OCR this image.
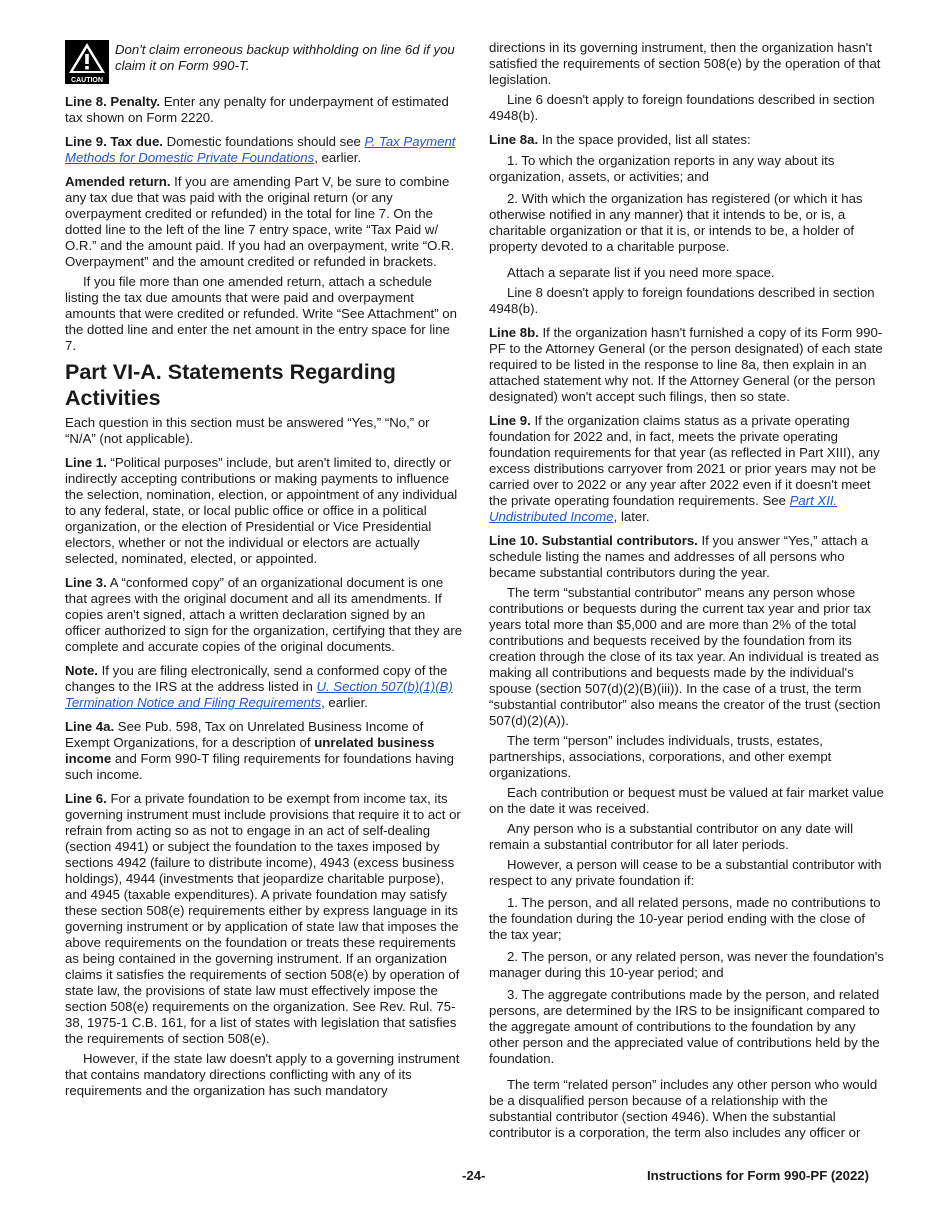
CAUTION
Don't claim erroneous backup withholding on line 6d if you claim it on Form 990-T.

Line 8. Penalty. Enter any penalty for underpayment of estimated tax shown on Form 2220.

Line 9. Tax due. Domestic foundations should see P. Tax Payment Methods for Domestic Private Foundations, earlier.

Amended return. If you are amending Part V, be sure to combine any tax due that was paid with the original return (or any overpayment credited or refunded) in the total for line 7. On the dotted line to the left of the line 7 entry space, write “Tax Paid w/ O.R.” and the amount paid. If you had an overpayment, write “O.R. Overpayment” and the amount credited or refunded in brackets.

If you file more than one amended return, attach a schedule listing the tax due amounts that were paid and overpayment amounts that were credited or refunded. Write “See Attachment” on the dotted line and enter the net amount in the entry space for line 7.

Part VI-A. Statements Regarding Activities

Each question in this section must be answered “Yes,” “No,” or “N/A” (not applicable).

Line 1. “Political purposes” include, but aren't limited to, directly or indirectly accepting contributions or making payments to influence the selection, nomination, election, or appointment of any individual to any federal, state, or local public office or office in a political organization, or the election of Presidential or Vice Presidential electors, whether or not the individual or electors are actually selected, nominated, elected, or appointed.

Line 3. A “conformed copy” of an organizational document is one that agrees with the original document and all its amendments. If copies aren't signed, attach a written declaration signed by an officer authorized to sign for the organization, certifying that they are complete and accurate copies of the original documents.

Note. If you are filing electronically, send a conformed copy of the changes to the IRS at the address listed in U. Section 507(b)(1)(B) Termination Notice and Filing Requirements, earlier.

Line 4a. See Pub. 598, Tax on Unrelated Business Income of Exempt Organizations, for a description of unrelated business income and Form 990-T filing requirements for foundations having such income.

Line 6. For a private foundation to be exempt from income tax, its governing instrument must include provisions that require it to act or refrain from acting so as not to engage in an act of self-dealing (section 4941) or subject the foundation to the taxes imposed by sections 4942 (failure to distribute income), 4943 (excess business holdings), 4944 (investments that jeopardize charitable purpose), and 4945 (taxable expenditures). A private foundation may satisfy these section 508(e) requirements either by express language in its governing instrument or by application of state law that imposes the above requirements on the foundation or treats these requirements as being contained in the governing instrument. If an organization claims it satisfies the requirements of section 508(e) by operation of state law, the provisions of state law must effectively impose the section 508(e) requirements on the organization. See Rev. Rul. 75-38, 1975-1 C.B. 161, for a list of states with legislation that satisfies the requirements of section 508(e).

However, if the state law doesn't apply to a governing instrument that contains mandatory directions conflicting with any of its requirements and the organization has such mandatory

directions in its governing instrument, then the organization hasn't satisfied the requirements of section 508(e) by the operation of that legislation.

Line 6 doesn't apply to foreign foundations described in section 4948(b).

Line 8a. In the space provided, list all states:

1. To which the organization reports in any way about its organization, assets, or activities; and

2. With which the organization has registered (or which it has otherwise notified in any manner) that it intends to be, or is, a charitable organization or that it is, or intends to be, a holder of property devoted to a charitable purpose.

Attach a separate list if you need more space.

Line 8 doesn't apply to foreign foundations described in section 4948(b).

Line 8b. If the organization hasn't furnished a copy of its Form 990-PF to the Attorney General (or the person designated) of each state required to be listed in the response to line 8a, then explain in an attached statement why not. If the Attorney General (or the person designated) won't accept such filings, then so state.

Line 9. If the organization claims status as a private operating foundation for 2022 and, in fact, meets the private operating foundation requirements for that year (as reflected in Part XIII), any excess distributions carryover from 2021 or prior years may not be carried over to 2022 or any year after 2022 even if it doesn't meet the private operating foundation requirements. See Part XII. Undistributed Income, later.

Line 10. Substantial contributors. If you answer “Yes,” attach a schedule listing the names and addresses of all persons who became substantial contributors during the year.

The term “substantial contributor” means any person whose contributions or bequests during the current tax year and prior tax years total more than $5,000 and are more than 2% of the total contributions and bequests received by the foundation from its creation through the close of its tax year. An individual is treated as making all contributions and bequests made by the individual's spouse (section 507(d)(2)(B)(iii)). In the case of a trust, the term “substantial contributor” also means the creator of the trust (section 507(d)(2)(A)).

The term “person” includes individuals, trusts, estates, partnerships, associations, corporations, and other exempt organizations.

Each contribution or bequest must be valued at fair market value on the date it was received.

Any person who is a substantial contributor on any date will remain a substantial contributor for all later periods.

However, a person will cease to be a substantial contributor with respect to any private foundation if:

1. The person, and all related persons, made no contributions to the foundation during the 10-year period ending with the close of the tax year;

2. The person, or any related person, was never the foundation's manager during this 10-year period; and

3. The aggregate contributions made by the person, and related persons, are determined by the IRS to be insignificant compared to the aggregate amount of contributions to the foundation by any other person and the appreciated value of contributions held by the foundation.

The term “related person” includes any other person who would be a disqualified person because of a relationship with the substantial contributor (section 4946). When the substantial contributor is a corporation, the term also includes any officer or

-24-	Instructions for Form 990-PF (2022)
